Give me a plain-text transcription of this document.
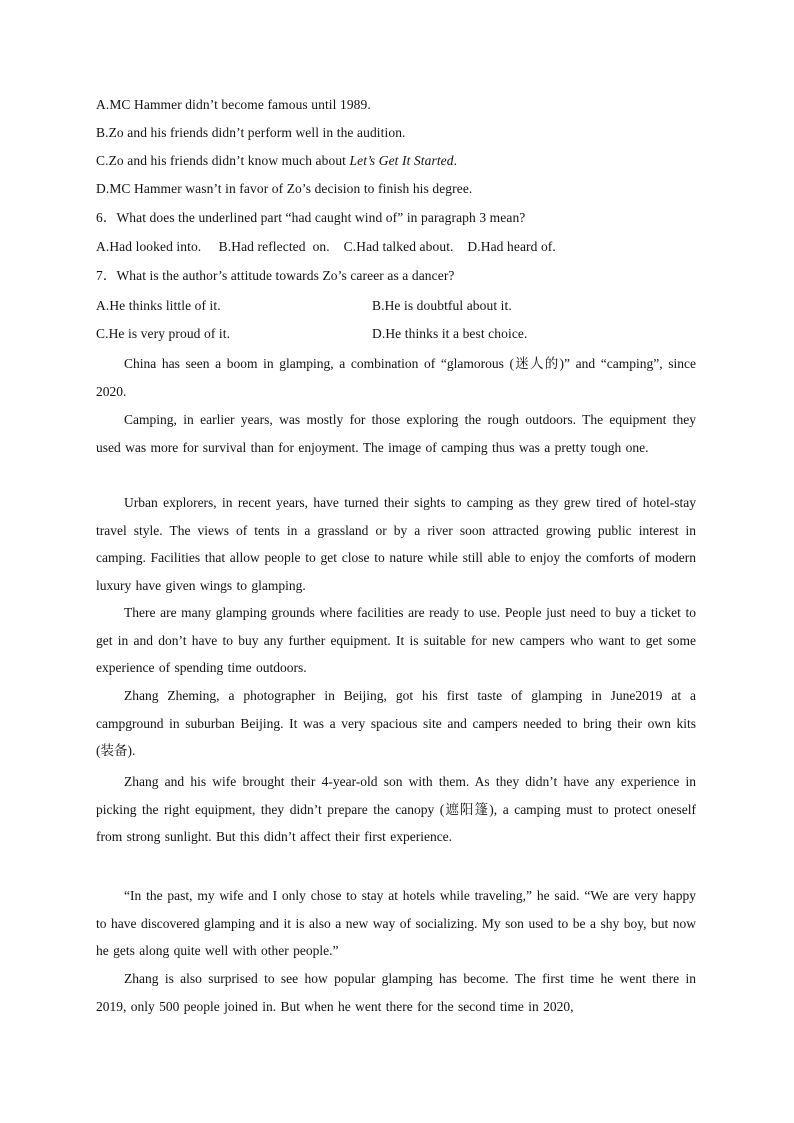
A.MC Hammer didn’t become famous until 1989.
B.Zo and his friends didn’t perform well in the audition.
C.Zo and his friends didn’t know much about Let’s Get It Started.
D.MC Hammer wasn’t in favor of Zo’s decision to finish his degree.
6．What does the underlined part “had caught wind of” in paragraph 3 mean?
A.Had looked into.     B.Had reflected  on.    C.Had talked about.    D.Had heard of.
7．What is the author’s attitude towards Zo’s career as a dancer?
A.He thinks little of it.	B.He is doubtful about it.
C.He is very proud of it.	D.He thinks it a best choice.
China has seen a boom in glamping, a combination of “glamorous (迷人的)” and “camping”, since 2020.
Camping, in earlier years, was mostly for those exploring the rough outdoors. The equipment they used was more for survival than for enjoyment. The image of camping thus was a pretty tough one.
Urban explorers, in recent years, have turned their sights to camping as they grew tired of hotel-stay travel style. The views of tents in a grassland or by a river soon attracted growing public interest in camping. Facilities that allow people to get close to nature while still able to enjoy the comforts of modern luxury have given wings to glamping.
There are many glamping grounds where facilities are ready to use. People just need to buy a ticket to get in and don’t have to buy any further equipment. It is suitable for new campers who want to get some experience of spending time outdoors.
Zhang Zheming, a photographer in Beijing, got his first taste of glamping in June2019 at a campground in suburban Beijing. It was a very spacious site and campers needed to bring their own kits (装备).
Zhang and his wife brought their 4-year-old son with them. As they didn’t have any experience in picking the right equipment, they didn’t prepare the canopy (遮阳篷), a camping must to protect oneself from strong sunlight. But this didn’t affect their first experience.
“In the past, my wife and I only chose to stay at hotels while traveling,” he said. “We are very happy to have discovered glamping and it is also a new way of socializing. My son used to be a shy boy, but now he gets along quite well with other people.”
Zhang is also surprised to see how popular glamping has become. The first time he went there in 2019, only 500 people joined in. But when he went there for the second time in 2020,
